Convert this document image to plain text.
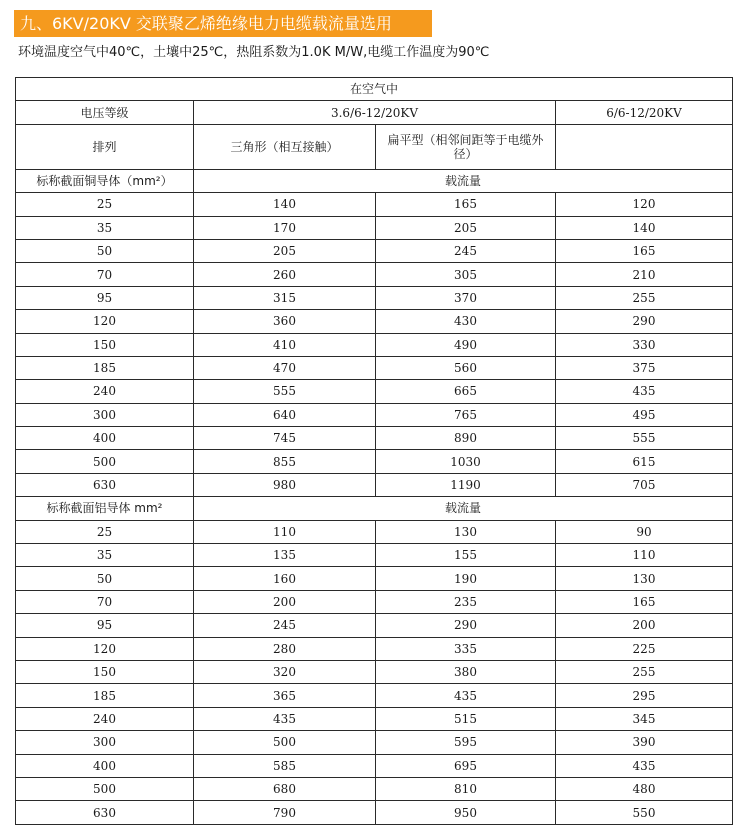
九、6KV/20KV 交联聚乙烯绝缘电力电缆载流量选用
环境温度空气中40℃，土壤中25℃，热阻系数为1.0K M/W,电缆工作温度为90℃
在空气中			
电压等级	3.6/6-12/20KV		6/6-12/20KV
排列	三角形（相互接触）	扁平型（相邻间距等于电缆外径）	
标称截面铜导体（mm²）	载流量		
25	140	165	120
35	170	205	140
50	205	245	165
70	260	305	210
95	315	370	255
120	360	430	290
150	410	490	330
185	470	560	375
240	555	665	435
300	640	765	495
400	745	890	555
500	855	1030	615
630	980	1190	705
标称截面铝导体 mm²	载流量		
25	110	130	90
35	135	155	110
50	160	190	130
70	200	235	165
95	245	290	200
120	280	335	225
150	320	380	255
185	365	435	295
240	435	515	345
300	500	595	390
400	585	695	435
500	680	810	480
630	790	950	550
